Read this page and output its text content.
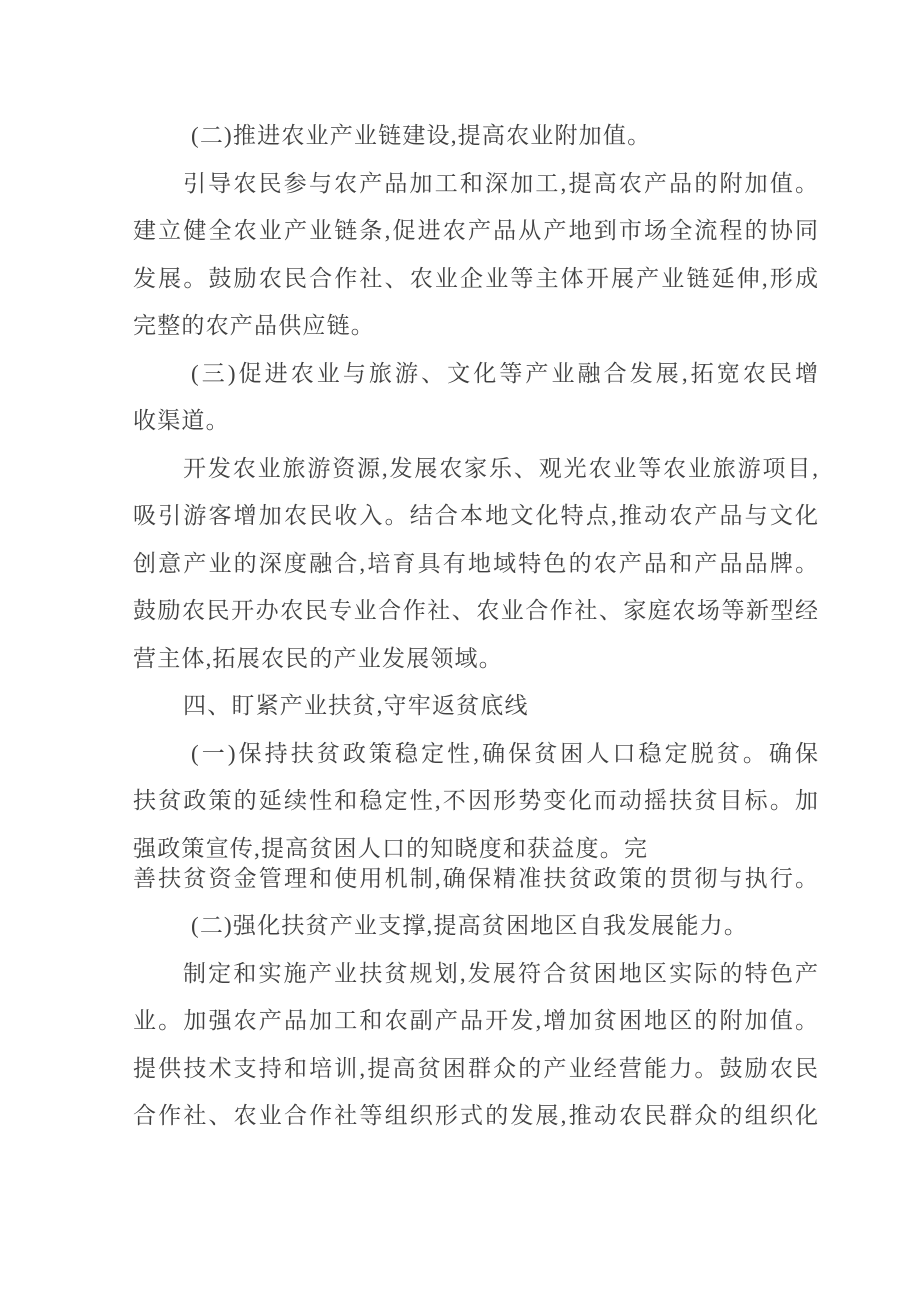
(二)推进农业产业链建设,提高农业附加值。
引导农民参与农产品加工和深加工,提高农产品的附加值。
建立健全农业产业链条,促进农产品从产地到市场全流程的协同
发展。鼓励农民合作社、农业企业等主体开展产业链延伸,形成
完整的农产品供应链。
(三)促进农业与旅游、文化等产业融合发展,拓宽农民增
收渠道。
开发农业旅游资源,发展农家乐、观光农业等农业旅游项目,
吸引游客增加农民收入。结合本地文化特点,推动农产品与文化
创意产业的深度融合,培育具有地域特色的农产品和产品品牌。
鼓励农民开办农民专业合作社、农业合作社、家庭农场等新型经
营主体,拓展农民的产业发展领域。
四、盯紧产业扶贫,守牢返贫底线
(一)保持扶贫政策稳定性,确保贫困人口稳定脱贫。确保
扶贫政策的延续性和稳定性,不因形势变化而动摇扶贫目标。加
强政策宣传,提高贫困人口的知晓度和获益度。完
善扶贫资金管理和使用机制,确保精准扶贫政策的贯彻与执行。
(二)强化扶贫产业支撑,提高贫困地区自我发展能力。
制定和实施产业扶贫规划,发展符合贫困地区实际的特色产
业。加强农产品加工和农副产品开发,增加贫困地区的附加值。
提供技术支持和培训,提高贫困群众的产业经营能力。鼓励农民
合作社、农业合作社等组织形式的发展,推动农民群众的组织化
